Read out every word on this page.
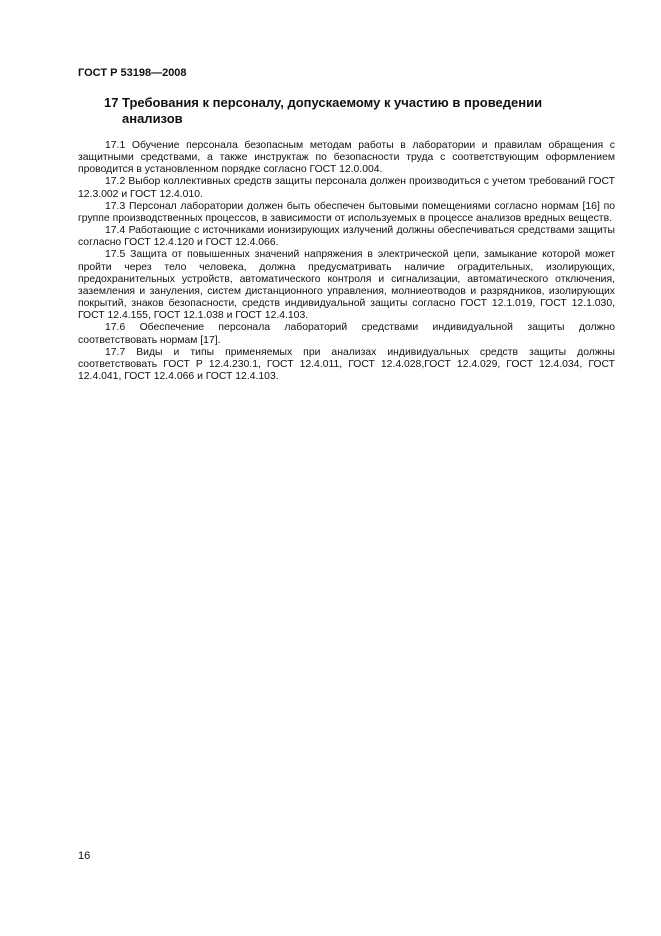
ГОСТ Р 53198—2008
17 Требования к персоналу, допускаемому к участию в проведении анализов

17.1 Обучение персонала безопасным методам работы в лаборатории и правилам обращения с защитными средствами, а также инструктаж по безопасности труда с соответствующим оформлением проводится в установленном порядке согласно ГОСТ 12.0.004.

17.2 Выбор коллективных средств защиты персонала должен производиться с учетом требований ГОСТ 12.3.002 и ГОСТ 12.4.010.

17.3 Персонал лаборатории должен быть обеспечен бытовыми помещениями согласно нормам [16] по группе производственных процессов, в зависимости от используемых в процессе анализов вредных веществ.

17.4 Работающие с источниками ионизирующих излучений должны обеспечиваться средствами защиты согласно ГОСТ 12.4.120 и ГОСТ 12.4.066.

17.5 Защита от повышенных значений напряжения в электрической цепи, замыкание которой может пройти через тело человека, должна предусматривать наличие оградительных, изолирующих, предохранительных устройств, автоматического контроля и сигнализации, автоматического отключения, заземления и зануления, систем дистанционного управления, молниеотводов и разрядников, изолирующих покрытий, знаков безопасности, средств индивидуальной защиты согласно ГОСТ 12.1.019, ГОСТ 12.1.030, ГОСТ 12.4.155, ГОСТ 12.1.038 и ГОСТ 12.4.103.

17.6 Обеспечение персонала лабораторий средствами индивидуальной защиты должно соответствовать нормам [17].

17.7 Виды и типы применяемых при анализах индивидуальных средств защиты должны соответствовать ГОСТ Р 12.4.230.1, ГОСТ 12.4.011, ГОСТ 12.4.028,ГОСТ 12.4.029, ГОСТ 12.4.034, ГОСТ 12.4.041, ГОСТ 12.4.066 и ГОСТ 12.4.103.

16
